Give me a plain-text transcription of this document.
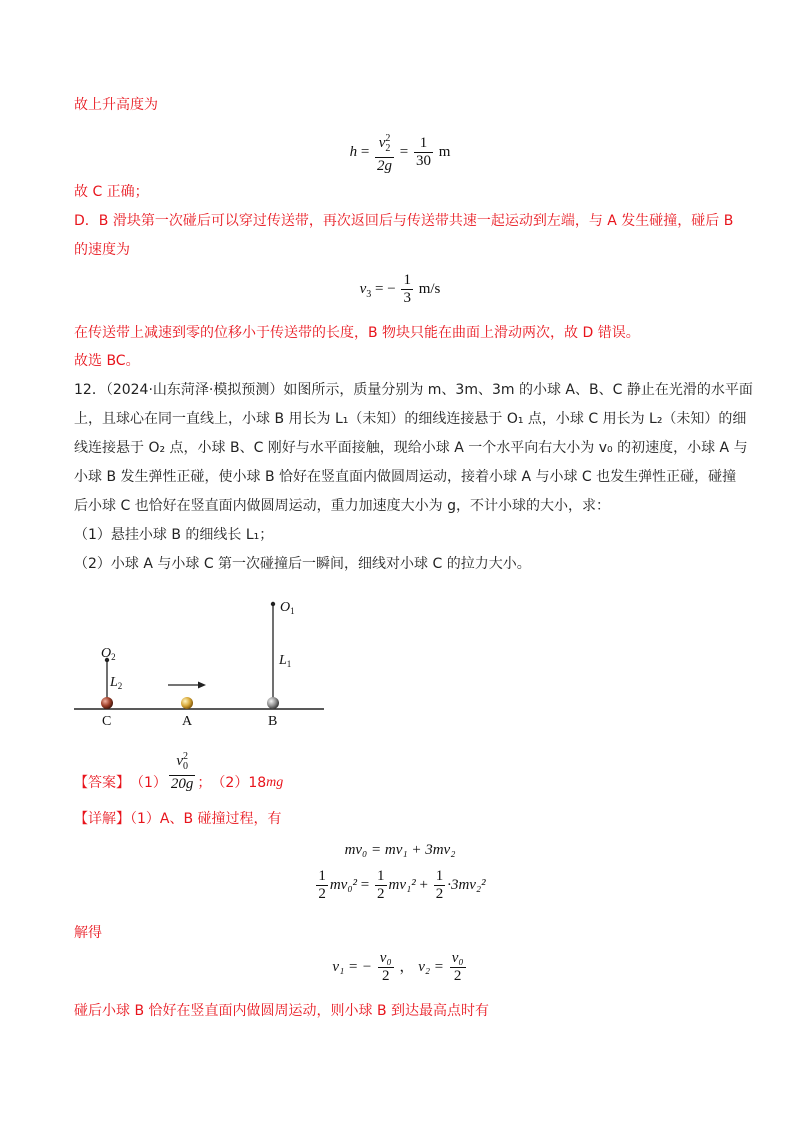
故上升高度为
$h = \frac{v^2_2}{2g} = \frac{1}{30}$ m
故 C 正确；
D．B 滑块第一次碰后可以穿过传送带，再次返回后与传送带共速一起运动到左端，与 A 发生碰撞，碰后 B
的速度为
$v_3$ = − $\frac{1}{3} m/s$
在传送带上减速到零的位移小于传送带的长度，B 物块只能在曲面上滑动两次，故 D 错误。
故选 BC。
12．（2024·山东菏泽·模拟预测）如图所示，质量分别为 m、3m、3m 的小球 A、B、C 静止在光滑的水平面
上，且球心在同一直线上，小球 B 用长为 L₁（未知）的细线连接悬于 O₁ 点，小球 C 用长为 L₂（未知）的细
线连接悬于 O₂ 点，小球 B、C 刚好与水平面接触，现给小球 A 一个水平向右大小为 v₀ 的初速度，小球 A 与
小球 B 发生弹性正碰，使小球 B 恰好在竖直面内做圆周运动，接着小球 A 与小球 C 也发生弹性正碰，碰撞
后小球 C 也恰好在竖直面内做圆周运动，重力加速度大小为 g，不计小球的大小，求：
（1）悬挂小球 B 的细线长 L₁；
（2）小球 A 与小球 C 第一次碰撞后一瞬间，细线对小球 C 的拉力大小。
$O_1$
$L_1$
$O_2$
$L_2$
C	A	B
【答案】 $(1) \frac{v^2_0}{20g}$ ； （2）18 mg
【详解】（1）A、B 碰撞过程，有
mv₀ = mv₁ + 3mv₂
$\frac{1}{2} mv_0^2 = \frac{1}{2} mv_1^2 + \frac{1}{2} \cdot 3mv_2^2$
解得
v₁ = − $\frac{\text{v₀}}{2}$ ， $v_2 = \frac{\text{v₀}}{2}$
碰后小球 B 恰好在竖直面内做圆周运动，则小球 B 到达最高点时有
